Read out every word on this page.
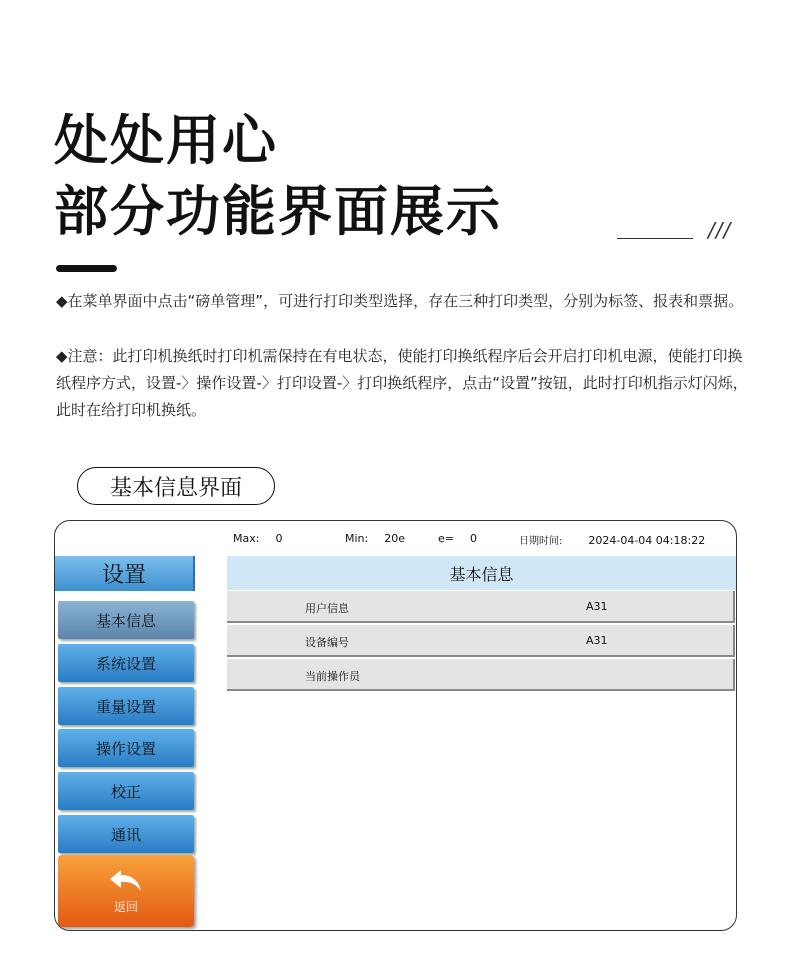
处处用心
部分功能界面展示	///
◆在菜单界面中点击“磅单管理”，可进行打印类型选择，存在三种打印类型，分别为标签、报表和票据。
◆注意：此打印机换纸时打印机需保持在有电状态，使能打印换纸程序后会开启打印机电源，使能打印换纸程序方式，设置-〉操作设置-〉打印设置-〉打印换纸程序，点击“设置”按钮，此时打印机指示灯闪烁，此时在给打印机换纸。
基本信息界面
Max: 0	Min: 20e	e= 0	日期时间: 2024-04-04 04:18:22
设置
基本信息
系统设置
重量设置
操作设置
校正
通讯
返回
基本信息
用户信息	A31
设备编号	A31
当前操作员
